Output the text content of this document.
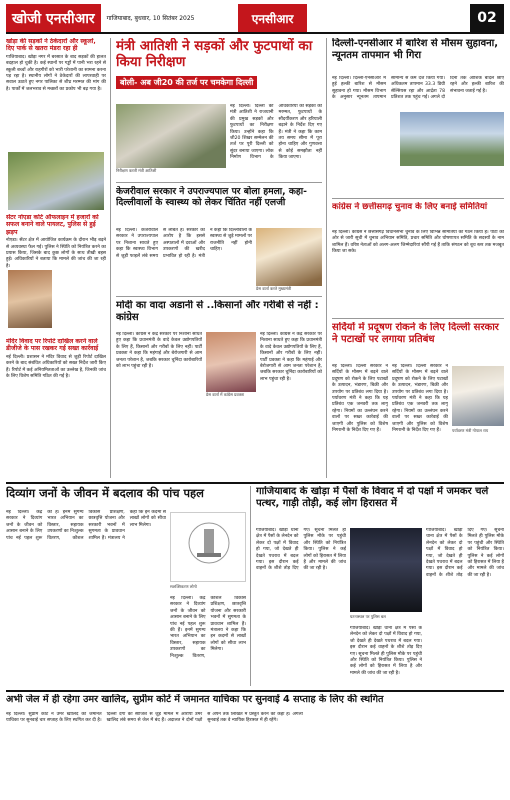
खोजी एनसीआर	गाजियाबाद, बुधवार, 10 सितंबर 2025	एनसीआर	02
खोड़ा की सड़कों ने ठेकेदारों और स्कूलों, दिए पार्क से खतरा मंडरा रहा ही
गाजियाबाद। खोड़ा नगर में बरसात के बाद सड़कों की हालत बदहाल हो चुकी है। कई स्थानों पर गड्ढों में पानी भरा रहने से स्कूली बच्चों और राहगीरों को भारी परेशानी का सामना करना पड़ रहा है। स्थानीय लोगों ने ठेकेदारों की लापरवाही पर सवाल उठाते हुए नगर पालिका से शीघ्र मरम्मत की मांग की है। पार्कों में जलभराव से मच्छरों का प्रकोप भी बढ़ गया है।
सेंटर नोएडा कोर्ट ऑफलाइन में हजारों को सफल बनाने वाले पायलट, पुलिस से हुई झड़प
नोएडा। सेंटर क्षेत्र में आयोजित कार्यक्रम के दौरान भीड़ बढ़ने से अव्यवस्था फैल गई। पुलिस ने स्थिति को नियंत्रित करने का प्रयास किया, जिसके बाद कुछ लोगों के साथ तीखी बहस हुई। अधिकारियों ने बताया कि मामले की जांच की जा रही है।
मंदिर विवाद पर रिपोर्ट दाखिल करने वाले डीजीजे के पास रखकर गई सख्त कार्रवाई
नई दिल्ली। प्रशासन ने मंदिर विवाद से जुड़ी रिपोर्ट दाखिल करने के बाद संबंधित अधिकारियों को सख्त निर्देश जारी किए हैं। रिपोर्ट में कई अनियमितताओं का उल्लेख है, जिनकी जांच के लिए विशेष समिति गठित की गई है।
मंत्री आतिशी ने सड़कों और फुटपाथों का किया निरीक्षण
बोली- अब जी20 की तर्ज पर चमकेगा दिल्ली
निरीक्षण करती मंत्री आतिशी
नई दिल्ली। दिल्ली की मंत्री आतिशी ने राजधानी की प्रमुख सड़कों और फुटपाथों का निरीक्षण किया। उन्होंने कहा कि जी20 शिखर सम्मेलन की तर्ज पर पूरी दिल्ली को सुंदर बनाया जाएगा। लोक निर्माण विभाग के अधिकारियों को सड़कों की मरम्मत, फुटपाथों के सौंदर्यीकरण और हरियाली बढ़ाने के निर्देश दिए गए हैं। मंत्री ने कहा कि काम तय समय सीमा में पूरा होना चाहिए और गुणवत्ता से कोई समझौता नहीं किया जाएगा।
केजरीवाल सरकार ने उपराज्यपाल पर बोला हमला, कहा- दिल्लीवालों के स्वास्थ्य को लेकर चिंतित नहीं एलजी
नई दिल्ली। केजरीवाल सरकार ने उपराज्यपाल पर निशाना साधते हुए कहा कि स्वास्थ्य विभाग से जुड़ी फाइलें लंबे समय से लंबित हैं। सरकार का आरोप है कि इससे अस्पतालों में दवाओं और उपकरणों की खरीद प्रभावित हो रही है। मंत्री ने कहा कि दिल्लीवालों के स्वास्थ्य से जुड़े मामलों पर राजनीति नहीं होनी चाहिए।
प्रेस वार्ता करते मुख्यमंत्री
मोदी का वादा अडानी से ..किसानों और गरीबी से नहीं : कांग्रेस
नई दिल्ली। कांग्रेस ने केंद्र सरकार पर निशाना साधते हुए कहा कि प्रधानमंत्री के वादे केवल उद्योगपतियों के लिए हैं, किसानों और गरीबों के लिए नहीं। पार्टी प्रवक्ता ने कहा कि महंगाई और बेरोजगारी से आम जनता परेशान है, जबकि सरकार चुनिंदा कारोबारियों को लाभ पहुंचा रही है।
प्रेस वार्ता में कांग्रेस प्रवक्ता
नई दिल्ली। कांग्रेस ने केंद्र सरकार पर निशाना साधते हुए कहा कि प्रधानमंत्री के वादे केवल उद्योगपतियों के लिए हैं, किसानों और गरीबों के लिए नहीं। पार्टी प्रवक्ता ने कहा कि महंगाई और बेरोजगारी से आम जनता परेशान है, जबकि सरकार चुनिंदा कारोबारियों को लाभ पहुंचा रही है।
दिल्ली-एनसीआर में बारिश से मौसम सुहावना, न्यूनतम तापमान भी गिरा
नई दिल्ली। दिल्ली-एनसीआर में हुई हल्की बारिश से मौसम सुहावना हो गया। मौसम विभाग के अनुसार न्यूनतम तापमान सामान्य से कम दर्ज किया गया। अधिकतम तापमान 33.3 डिग्री सेल्सियस रहा और आर्द्रता 78 प्रतिशत तक पहुंच गई। अगले दो दिनों तक आंशिक बादल छाए रहने और हल्की बारिश की संभावना जताई गई है।
कांग्रेस ने छत्तीसगढ़ चुनाव के लिए बनाई समितियां
नई दिल्ली। कांग्रेस ने छत्तीसगढ़ विधानसभा चुनाव के लिए विभिन्न समितियों का गठन किया है। पार्टी की ओर से जारी सूची में चुनाव अभियान समिति, प्रचार समिति और घोषणापत्र समिति के सदस्यों के नाम शामिल हैं। वरिष्ठ नेताओं को अलग-अलग जिम्मेदारियां सौंपी गई हैं ताकि संगठन को बूथ स्तर तक मजबूत किया जा सके।
सर्दियों में प्रदूषण रोकने के लिए दिल्ली सरकार ने पटाखों पर लगाया प्रतिबंध
नई दिल्ली। दिल्ली सरकार ने सर्दियों के मौसम में बढ़ने वाले प्रदूषण को रोकने के लिए पटाखों के उत्पादन, भंडारण, बिक्री और उपयोग पर प्रतिबंध लगा दिया है। पर्यावरण मंत्री ने कहा कि यह प्रतिबंध एक जनवरी तक लागू रहेगा। नियमों का उल्लंघन करने वालों पर सख्त कार्रवाई की जाएगी और पुलिस को विशेष निगरानी के निर्देश दिए गए हैं।
नई दिल्ली। दिल्ली सरकार ने सर्दियों के मौसम में बढ़ने वाले प्रदूषण को रोकने के लिए पटाखों के उत्पादन, भंडारण, बिक्री और उपयोग पर प्रतिबंध लगा दिया है। पर्यावरण मंत्री ने कहा कि यह प्रतिबंध एक जनवरी तक लागू रहेगा। नियमों का उल्लंघन करने वालों पर सख्त कार्रवाई की जाएगी और पुलिस को विशेष निगरानी के निर्देश दिए गए हैं।	पर्यावरण मंत्री गोपाल राय
दिव्यांग जनों के जीवन में बदलाव की पांच पहल
नई दिल्ली। केंद्र सरकार ने दिव्यांग जनों के जीवन को आसान बनाने के लिए पांच नई पहल शुरू की हैं। इनमें सुगम्य भारत अभियान का विस्तार, सहायक उपकरणों का निःशुल्क वितरण, कौशल विकास प्रशिक्षण, छात्रवृत्ति योजना और सरकारी भवनों में सुगमता के प्रावधान शामिल हैं। मंत्रालय ने कहा कि इन कदमों से लाखों लोगों को सीधा लाभ मिलेगा।
सशक्तिकरण लोगो
नई दिल्ली। केंद्र सरकार ने दिव्यांग जनों के जीवन को आसान बनाने के लिए पांच नई पहल शुरू की हैं। इनमें सुगम्य भारत अभियान का विस्तार, सहायक उपकरणों का निःशुल्क वितरण, कौशल विकास प्रशिक्षण, छात्रवृत्ति योजना और सरकारी भवनों में सुगमता के प्रावधान शामिल हैं। मंत्रालय ने कहा कि इन कदमों से लाखों लोगों को सीधा लाभ मिलेगा।
गाजियाबाद के खोड़ा में पैसों के विवाद में दो पक्षों में जमकर चले पत्थर, गाड़ी तोड़ी, कई लोग हिरासत में
गाजियाबाद। खोड़ा थाना क्षेत्र में पैसों के लेनदेन को लेकर दो पक्षों में विवाद हो गया, जो देखते ही देखते पथराव में बदल गया। इस दौरान कई वाहनों के शीशे तोड़ दिए गए। सूचना मिलते ही पुलिस मौके पर पहुंची और स्थिति को नियंत्रित किया। पुलिस ने कई लोगों को हिरासत में लिया है और मामले की जांच की जा रही है।
घटनास्थल पर पुलिस बल
गाजियाबाद। खोड़ा थाना क्षेत्र में पैसों के लेनदेन को लेकर दो पक्षों में विवाद हो गया, जो देखते ही देखते पथराव में बदल गया। इस दौरान कई वाहनों के शीशे तोड़ दिए गए। सूचना मिलते ही पुलिस मौके पर पहुंची और स्थिति को नियंत्रित किया। पुलिस ने कई लोगों को हिरासत में लिया है और मामले की जांच की जा रही है।
गाजियाबाद। खोड़ा थाना क्षेत्र में पैसों के लेनदेन को लेकर दो पक्षों में विवाद हो गया, जो देखते ही देखते पथराव में बदल गया। इस दौरान कई वाहनों के शीशे तोड़ दिए गए। सूचना मिलते ही पुलिस मौके पर पहुंची और स्थिति को नियंत्रित किया। पुलिस ने कई लोगों को हिरासत में लिया है और मामले की जांच की जा रही है।
अभी जेल में ही रहेगा उमर खालिद, सुप्रीम कोर्ट में जमानत याचिका पर सुनवाई 4 सप्ताह के लिए की स्थगित
नई दिल्ली। सुप्रीम कोर्ट ने उमर खालिद की जमानत याचिका पर सुनवाई चार सप्ताह के लिए स्थगित कर दी है। दिल्ली दंगों की साजिश से जुड़े मामले में आरोपी उमर खालिद लंबे समय से जेल में बंद हैं। अदालत ने दोनों पक्षों से अपने तर्क लिखित में प्रस्तुत करने को कहा है। अगली सुनवाई तक वे न्यायिक हिरासत में ही रहेंगे।
